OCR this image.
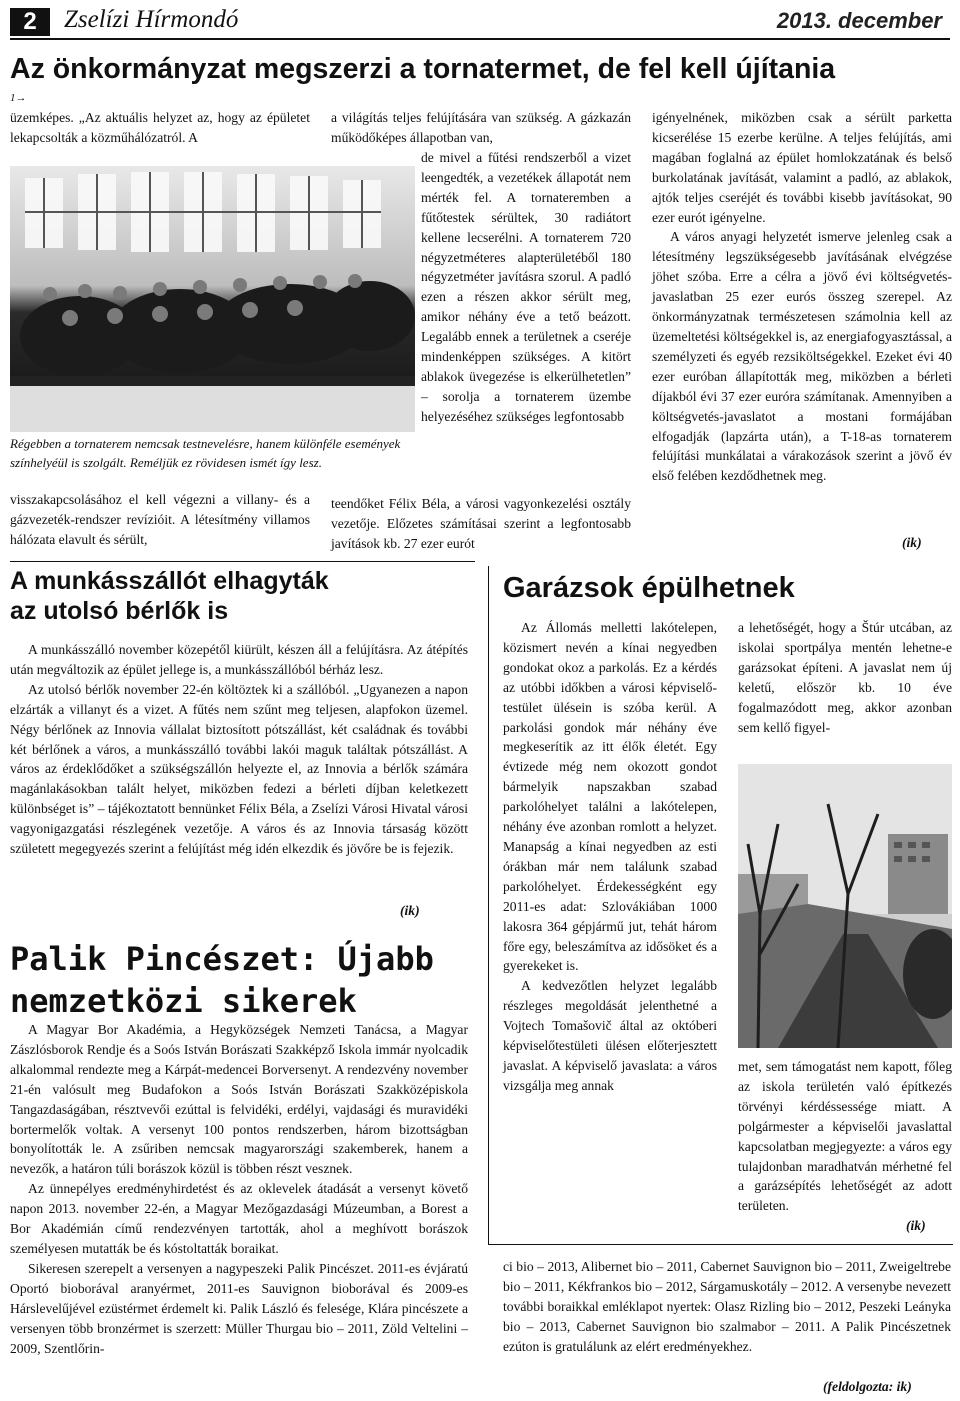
2	Zselízi Hírmondó	2013. december
Az önkormányzat megszerzi a tornatermet, de fel kell újítania
1→
üzemképes. „Az aktuális helyzet az, hogy az épületet lekapcsolták a közműhálózatról. A
Régebben a tornaterem nemcsak testnevelésre, hanem különféle események színhelyéül is szolgált. Reméljük ez rövidesen ismét így lesz.
visszakapcsolásához el kell végezni a villany- és a gázvezeték-rendszer revízióit. A létesítmény villamos hálózata elavult és sérült,
a világítás teljes felújítására van szükség. A gázkazán működőképes állapotban van,
de mivel a fűtési rendszerből a vizet leengedték, a vezetékek állapotát nem mérték fel. A tornateremben a fűtőtestek sérültek, 30 radiátort kellene lecserélni. A tornaterem 720 négyzetméteres alapterületéből 180 négyzetméter javításra szorul. A padló ezen a részen akkor sérült meg, amikor néhány éve a tető beázott. Legalább ennek a területnek a cseréje mindenképpen szükséges. A kitört ablakok üvegezése is elkerülhetetlen” – sorolja a tornaterem üzembe helyezéséhez szükséges legfontosabb
teendőket Félix Béla, a városi vagyonkezelési osztály vezetője. Előzetes számításai szerint a legfontosabb javítások kb. 27 ezer eurót

igényelnének, miközben csak a sérült parketta kicserélése 15 ezerbe kerülne. A teljes felújítás, ami magában foglalná az épület homlokzatának és belső burkolatának javítását, valamint a padló, az ablakok, ajtók teljes cseréjét és további kisebb javításokat, 90 ezer eurót igényelne.

A város anyagi helyzetét ismerve jelenleg csak a létesítmény legszükségesebb javításának elvégzése jöhet szóba. Erre a célra a jövő évi költségvetés-javaslatban 25 ezer eurós összeg szerepel. Az önkormányzatnak természetesen számolnia kell az üzemeltetési költségekkel is, az energiafogyasztással, a személyzeti és egyéb rezsiköltségekkel. Ezeket évi 40 ezer euróban állapították meg, miközben a bérleti díjakból évi 37 ezer euróra számítanak. Amennyiben a költségvetés-javaslatot a mostani formájában elfogadják (lapzárta után), a T-18-as tornaterem felújítási munkálatai a várakozások szerint a jövő év első felében kezdődhetnek meg.

(ik)
A munkásszállót elhagyták
az utolsó bérlők is

A munkásszálló november közepétől kiürült, készen áll a felújításra. Az átépítés után megváltozik az épület jellege is, a munkásszállóból bérház lesz.

Az utolsó bérlők november 22-én költöztek ki a szállóból. „Ugyanezen a napon elzárták a villanyt és a vizet. A fűtés nem szűnt meg teljesen, alapfokon üzemel. Négy bérlőnek az Innovia vállalat biztosított pótszállást, két családnak és további két bérlőnek a város, a munkásszálló további lakói maguk találtak pótszállást. A város az érdeklődőket a szükségszállón helyezte el, az Innovia a bérlők számára magánlakásokban talált helyet, miközben fedezi a bérleti díjban keletkezett különbséget is” – tájékoztatott bennünket Félix Béla, a Zselízi Városi Hivatal városi vagyonigazgatási részlegének vezetője. A város és az Innovia társaság között született megegyezés szerint a felújítást még idén elkezdik és jövőre be is fejezik.

(ik)
Palik Pincészet: Újabb
nemzetközi sikerek

A Magyar Bor Akadémia, a Hegyközségek Nemzeti Tanácsa, a Magyar Zászlósborok Rendje és a Soós István Borászati Szakképző Iskola immár nyolcadik alkalommal rendezte meg a Kárpát-medencei Borversenyt. A rendezvény november 21-én valósult meg Budafokon a Soós István Borászati Szakközépiskola Tangazdaságában, résztvevői ezúttal is felvidéki, erdélyi, vajdasági és muravidéki bortermelők voltak. A versenyt 100 pontos rendszerben, három bizottságban bonyolították le. A zsűriben nemcsak magyarországi szakemberek, hanem a nevezők, a határon túli borászok közül is többen részt vesznek.

Az ünnepélyes eredményhirdetést és az oklevelek átadását a versenyt követő napon 2013. november 22-én, a Magyar Mezőgazdasági Múzeumban, a Borest a Bor Akadémián című rendezvényen tartották, ahol a meghívott borászok személyesen mutatták be és kóstoltatták boraikat.

Sikeresen szerepelt a versenyen a nagypeszeki Palik Pincészet. 2011-es évjáratú Oportó bioborával aranyérmet, 2011-es Sauvignon bioborával és 2009-es Hárslevelűjével ezüstérmet érdemelt ki. Palik László és felesége, Klára pincészete a versenyen több bronzérmet is szerzett: Müller Thurgau bio – 2011, Zöld Veltelini – 2009, Szentlőrin-

ci bio – 2013, Alibernet bio – 2011, Cabernet Sauvignon bio – 2011, Zweigeltrebe bio – 2011, Kékfrankos bio – 2012, Sárgamuskotály – 2012. A versenybe nevezett további boraikkal emléklapot nyertek: Olasz Rizling bio – 2012, Peszeki Leányka bio – 2013, Cabernet Sauvignon bio szalmabor – 2011. A Palik Pincészetnek ezúton is gratulálunk az elért eredményekhez.
(feldolgozta: ik)
Garázsok épülhetnek

Az Állomás melletti lakótelepen, közismert nevén a kínai negyedben gondokat okoz a parkolás. Ez a kérdés az utóbbi időkben a városi képviselő-testület ülésein is szóba kerül. A parkolási gondok már néhány éve megkeserítik az itt élők életét. Egy évtizede még nem okozott gondot bármelyik napszakban szabad parkolóhelyet találni a lakótelepen, néhány éve azonban romlott a helyzet. Manapság a kínai negyedben az esti órákban már nem találunk szabad parkolóhelyet. Érdekességként egy 2011-es adat: Szlovákiában 1000 lakosra 364 gépjármű jut, tehát három főre egy, beleszámítva az idősöket és a gyerekeket is.

A kedvezőtlen helyzet legalább részleges megoldását jelenthetné a Vojtech Tomašovič által az októberi képviselőtestületi ülésen előterjesztett javaslat. A képviselő javaslata: a város vizsgálja meg annak

a lehetőségét, hogy a Štúr utcában, az iskolai sportpálya mentén lehetne-e garázsokat építeni. A javaslat nem új keletű, először kb. 10 éve fogalmazódott meg, akkor azonban sem kellő figyel-
met, sem támogatást nem kapott, főleg az iskola területén való építkezés törvényi kérdéssessége miatt. A polgármester a képviselői javaslattal kapcsolatban megjegyezte: a város egy tulajdonban maradhatván mérhetné fel a garázsépítés lehetőségét az adott területen.
(ik)
